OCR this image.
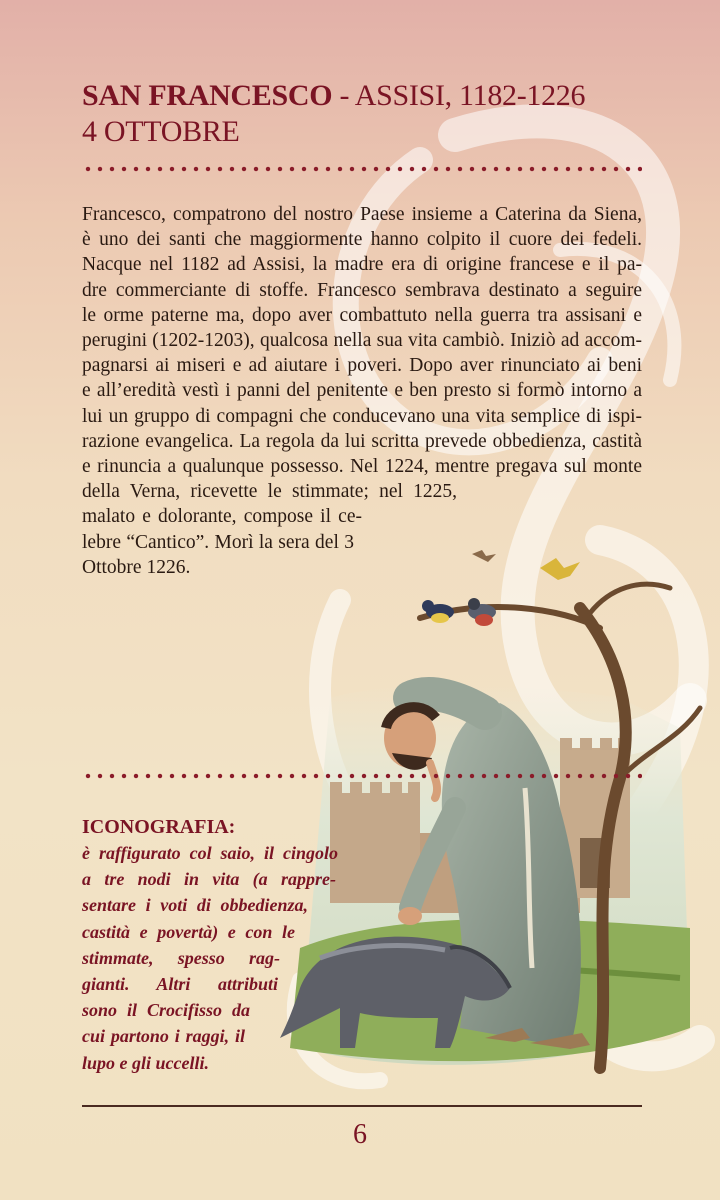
SAN FRANCESCO - ASSISI, 1182-1226
4 OTTOBRE

Francesco, compatrono del nostro Paese insieme a Caterina da Siena,
è uno dei santi che maggiormente hanno colpito il cuore dei fedeli.
Nacque nel 1182 ad Assisi, la madre era di origine francese e il pa-
dre commerciante di stoffe. Francesco sembrava destinato a seguire
le orme paterne ma, dopo aver combattuto nella guerra tra assisani e
perugini (1202-1203), qualcosa nella sua vita cambiò. Iniziò ad accom-
pagnarsi ai miseri e ad aiutare i poveri. Dopo aver rinunciato ai beni
e all’eredità vestì i panni del penitente e ben presto si formò intorno a
lui un gruppo di compagni che conducevano una vita semplice di ispi-
razione evangelica. La regola da lui scritta prevede obbedienza, castità
e rinuncia a qualunque possesso. Nel 1224, mentre pregava sul monte
della Verna, ricevette le stimmate; nel 1225,
malato e dolorante, compose il ce-
lebre “Cantico”. Morì la sera del 3
Ottobre 1226.

ICONOGRAFIA:
è raffigurato col saio, il cingolo
a tre nodi in vita (a rappre-
sentare i voti di obbedienza,
castità e povertà) e con le
stimmate, spesso rag-
gianti. Altri attributi
sono il Crocifisso da
cui partono i raggi, il
lupo e gli uccelli.
6
